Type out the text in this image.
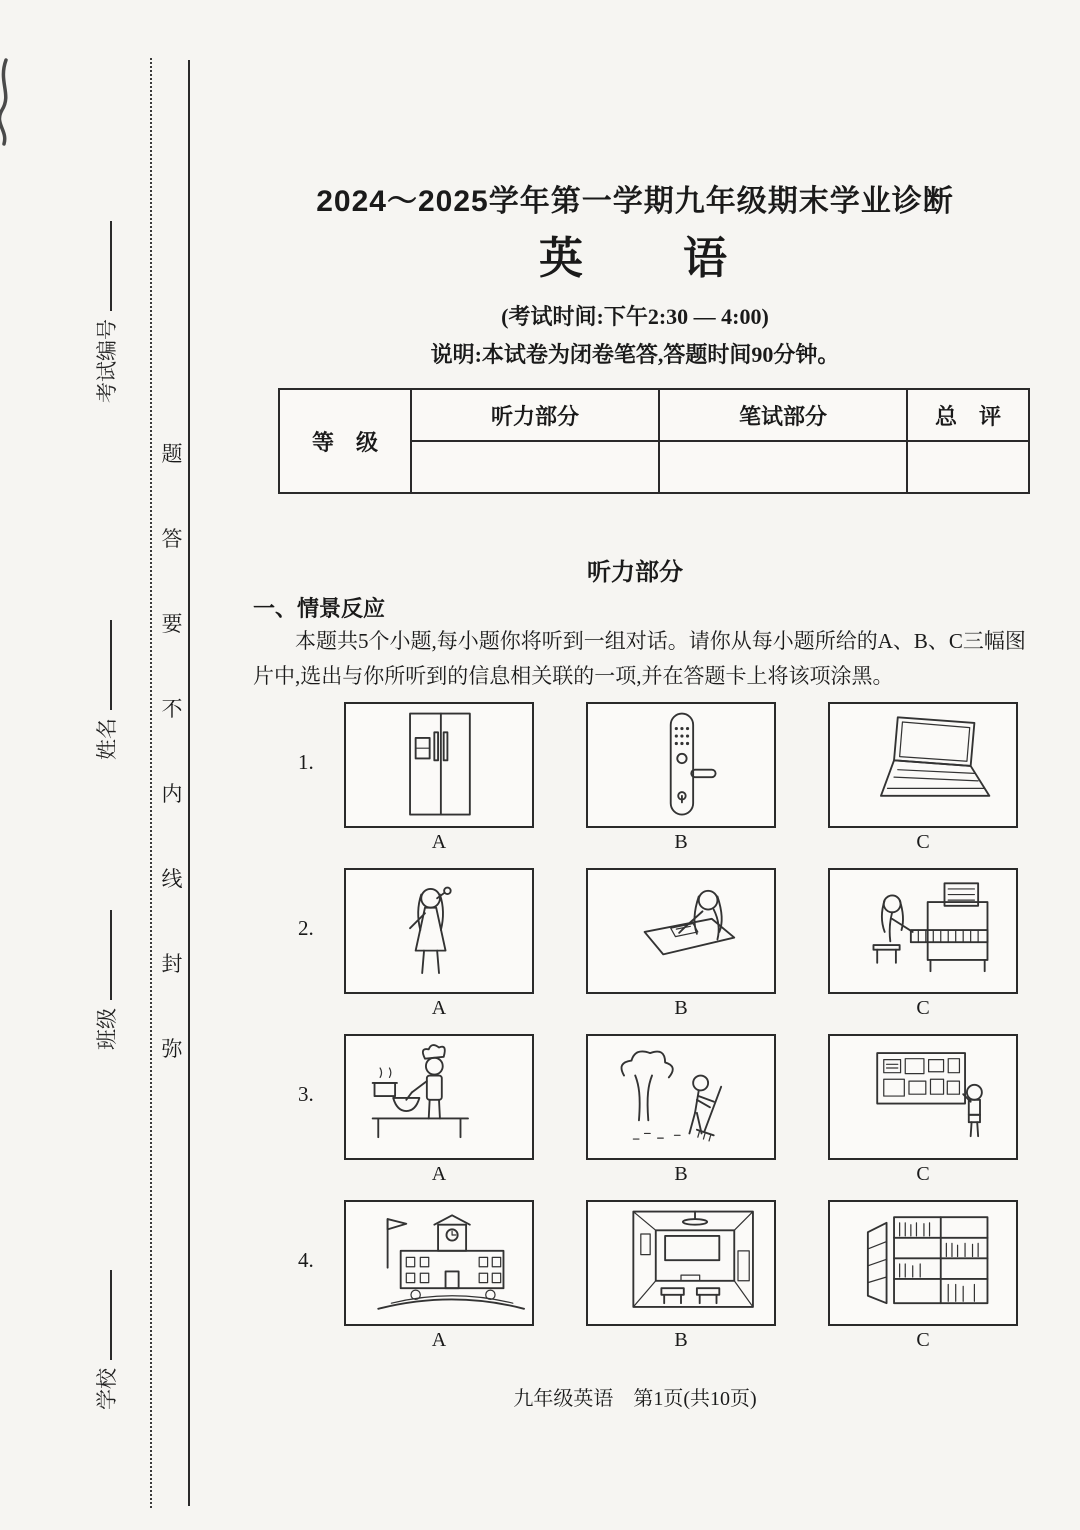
考试编号
姓名
班级
学校
题
答
要
不
内
线
封
弥
2024～2025学年第一学期九年级期末学业诊断
英　　语
(考试时间:下午2:30 — 4:00)
说明:本试卷为闭卷笔答,答题时间90分钟。
等　级	听力部分	笔试部分	总　评

听力部分
一、情景反应
本题共5个小题,每小题你将听到一组对话。请你从每小题所给的A、B、C三幅图片中,选出与你所听到的信息相关联的一项,并在答题卡上将该项涂黑。
1.
A	B	C
2.
A	B	C
3.
A	B	C
4.
A	B	C
九年级英语　第1页(共10页)
